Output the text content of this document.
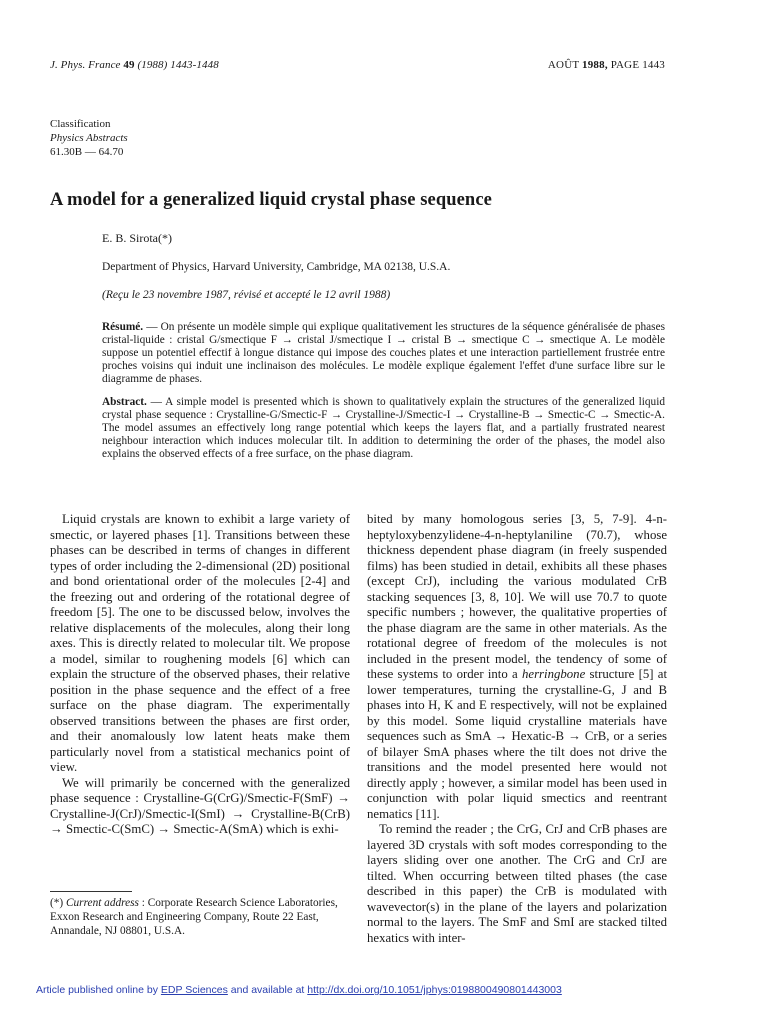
J. Phys. France 49 (1988) 1443-1448	AOÛT 1988, PAGE 1443
Classification
Physics Abstracts
61.30B — 64.70
A model for a generalized liquid crystal phase sequence
E. B. Sirota(*)
Department of Physics, Harvard University, Cambridge, MA 02138, U.S.A.
(Reçu le 23 novembre 1987, révisé et accepté le 12 avril 1988)
Résumé. — On présente un modèle simple qui explique qualitativement les structures de la séquence généralisée de phases cristal-liquide : cristal G/smectique F → cristal J/smectique I → cristal B → smectique C → smectique A. Le modèle suppose un potentiel effectif à longue distance qui impose des couches plates et une interaction partiellement frustrée entre proches voisins qui induit une inclinaison des molécules. Le modèle explique également l'effet d'une surface libre sur le diagramme de phases.
Abstract. — A simple model is presented which is shown to qualitatively explain the structures of the generalized liquid crystal phase sequence : Crystalline-G/Smectic-F → Crystalline-J/Smectic-I → Crystalline-B → Smectic-C → Smectic-A. The model assumes an effectively long range potential which keeps the layers flat, and a partially frustrated nearest neighbour interaction which induces molecular tilt. In addition to determining the order of the phases, the model also explains the observed effects of a free surface, on the phase diagram.

Liquid crystals are known to exhibit a large variety of smectic, or layered phases [1]. Transitions between these phases can be described in terms of changes in different types of order including the 2-dimensional (2D) positional and bond orientational order of the molecules [2-4] and the freezing out and ordering of the rotational degree of freedom [5]. The one to be discussed below, involves the relative displacements of the molecules, along their long axes. This is directly related to molecular tilt. We propose a model, similar to roughening models [6] which can explain the structure of the observed phases, their relative position in the phase sequence and the effect of a free surface on the phase diagram. The experimentally observed transitions between the phases are first order, and their anomalously low latent heats make them particularly novel from a statistical mechanics point of view.

We will primarily be concerned with the generalized phase sequence : Crystalline-G(CrG)/Smectic-F(SmF) → Crystalline-J(CrJ)/Smectic-I(SmI) → Crystalline-B(CrB) → Smectic-C(SmC) → Smectic-A(SmA) which is exhi-

bited by many homologous series [3, 5, 7-9]. 4-n-heptyloxybenzylidene-4-n-heptylaniline (70.7), whose thickness dependent phase diagram (in freely suspended films) has been studied in detail, exhibits all these phases (except CrJ), including the various modulated CrB stacking sequences [3, 8, 10]. We will use 70.7 to quote specific numbers ; however, the qualitative properties of the phase diagram are the same in other materials. As the rotational degree of freedom of the molecules is not included in the present model, the tendency of some of these systems to order into a herringbone structure [5] at lower temperatures, turning the crystalline-G, J and B phases into H, K and E respectively, will not be explained by this model. Some liquid crystalline materials have sequences such as SmA → Hexatic-B → CrB, or a series of bilayer SmA phases where the tilt does not drive the transitions and the model presented here would not directly apply ; however, a similar model has been used in conjunction with polar liquid smectics and reentrant nematics [11].

To remind the reader ; the CrG, CrJ and CrB phases are layered 3D crystals with soft modes corresponding to the layers sliding over one another. The CrG and CrJ are tilted. When occurring between tilted phases (the case described in this paper) the CrB is modulated with wavevector(s) in the plane of the layers and polarization normal to the layers. The SmF and SmI are stacked tilted hexatics with inter-

(*) Current address : Corporate Research Science Laboratories, Exxon Research and Engineering Company, Route 22 East, Annandale, NJ 08801, U.S.A.
Article published online by EDP Sciences and available at http://dx.doi.org/10.1051/jphys:0198800490801443003
